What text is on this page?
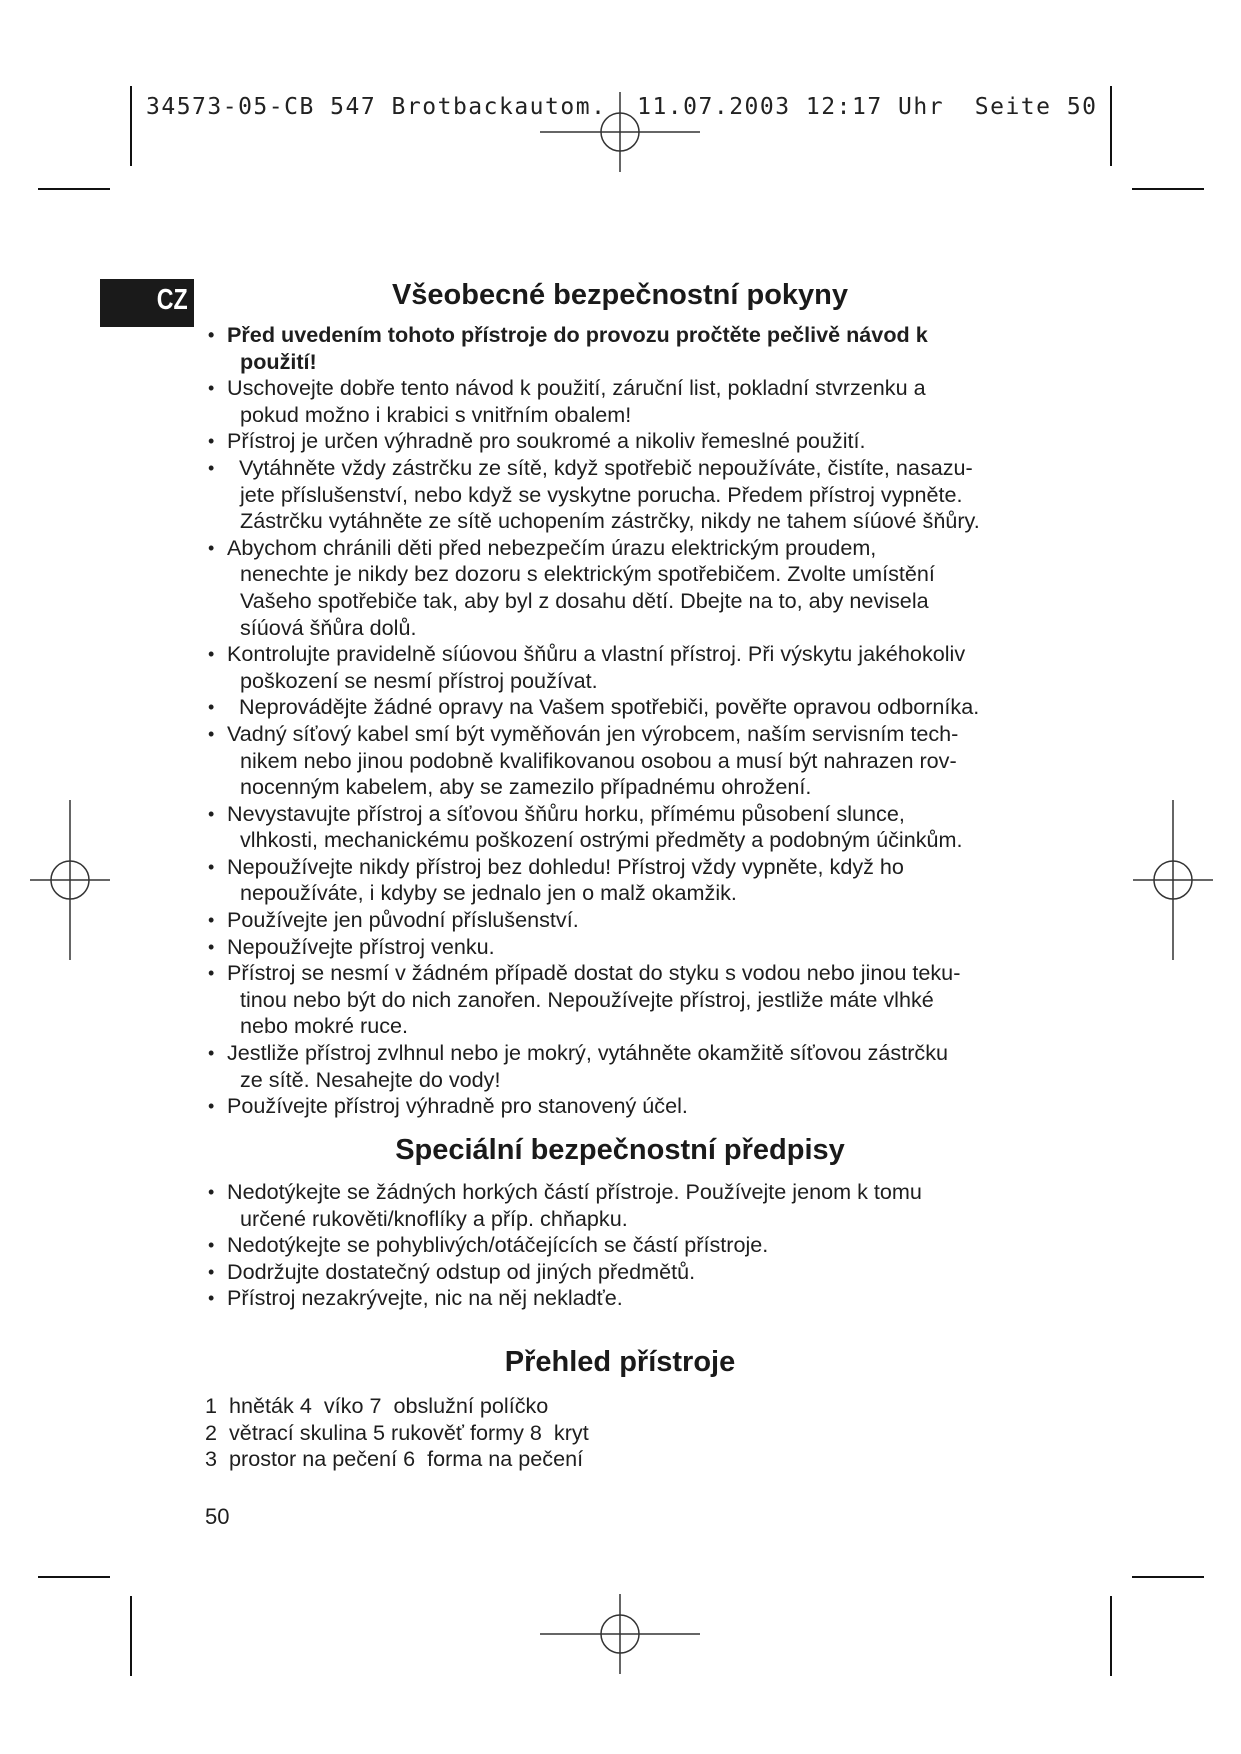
34573-05-CB 547 Brotbackautom.  11.07.2003 12:17 Uhr  Seite 50
CZ	Všeobecné bezpečnostní pokyny
• Před uvedením tohoto přístroje do provozu pročtěte pečlivě návod k
použití!
• Uschovejte dobře tento návod k použití, záruční list, pokladní stvrzenku a
pokud možno i krabici s vnitřním obalem!
• Přístroj je určen výhradně pro soukromé a nikoliv řemeslné použití.
•   Vytáhněte vždy zástrčku ze sítě, když spotřebič nepoužíváte, čistíte, nasazu-
jete příslušenství, nebo když se vyskytne porucha. Předem přístroj vypněte.
Zástrčku vytáhněte ze sítě uchopením zástrčky, nikdy ne tahem síúové šňůry.
• Abychom chránili děti před nebezpečím úrazu elektrickým proudem,
nenechte je nikdy bez dozoru s elektrickým spotřebičem. Zvolte umístění
Vašeho spotřebiče tak, aby byl z dosahu dětí. Dbejte na to, aby nevisela
síúová šňůra dolů.
• Kontrolujte pravidelně síúovou šňůru a vlastní přístroj. Při výskytu jakéhokoliv
poškození se nesmí přístroj používat.
•   Neprovádějte žádné opravy na Vašem spotřebiči, pověřte opravou odborníka.
• Vadný síťový kabel smí být vyměňován jen výrobcem, naším servisním tech-
nikem nebo jinou podobně kvalifikovanou osobou a musí být nahrazen rov-
nocenným kabelem, aby se zamezilo případnému ohrožení.
• Nevystavujte přístroj a síťovou šňůru horku, přímému působení slunce,
vlhkosti, mechanickému poškození ostrými předměty a podobným účinkům.
• Nepoužívejte nikdy přístroj bez dohledu! Přístroj vždy vypněte, když ho
nepoužíváte, i kdyby se jednalo jen o malž okamžik.
• Používejte jen původní příslušenství.
• Nepoužívejte přístroj venku.
• Přístroj se nesmí v žádném případě dostat do styku s vodou nebo jinou teku-
tinou nebo být do nich zanořen. Nepoužívejte přístroj, jestliže máte vlhké
nebo mokré ruce.
• Jestliže přístroj zvlhnul nebo je mokrý, vytáhněte okamžitě síťovou zástrčku
ze sítě. Nesahejte do vody!
• Používejte přístroj výhradně pro stanovený účel.
Speciální bezpečnostní předpisy
• Nedotýkejte se žádných horkých částí přístroje. Používejte jenom k tomu
určené rukověti/knoflíky a příp. chňapku.
• Nedotýkejte se pohyblivých/otáčejících se částí přístroje.
• Dodržujte dostatečný odstup od jiných předmětů.
• Přístroj nezakrývejte, nic na něj nekladťe.
Přehled přístroje
1  hněták 4  víko 7  obslužní políčko
2  větrací skulina 5 rukověť formy 8  kryt
3  prostor na pečení 6  forma na pečení
50
